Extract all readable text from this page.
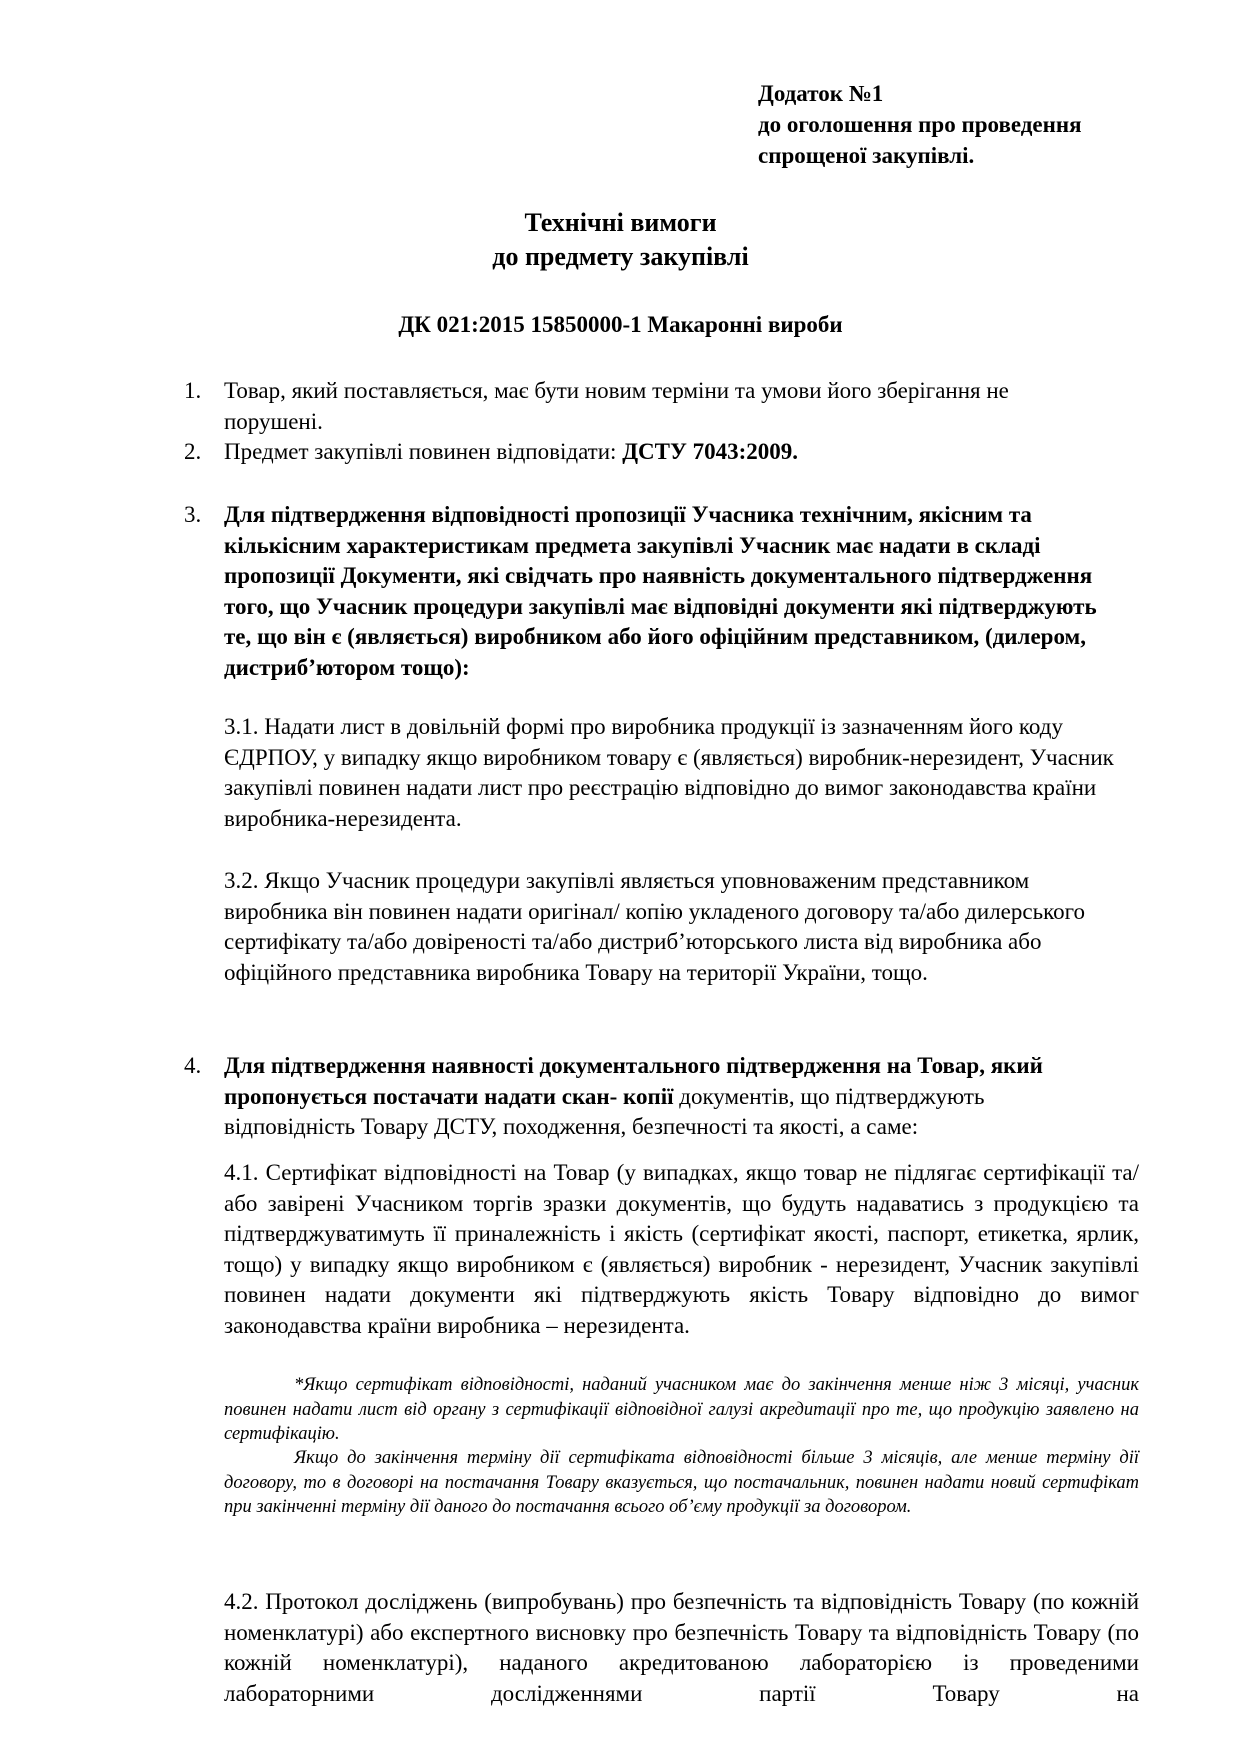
Додаток №1
до оголошення про проведення
спрощеної закупівлі.
Технічні вимоги
до предмету закупівлі
ДК 021:2015 15850000-1 Макаронні вироби
1. Товар, який поставляється, має бути новим терміни та умови його зберігання не порушені.
2. Предмет закупівлі повинен відповідати: ДСТУ 7043:2009.
3. Для підтвердження відповідності пропозиції Учасника технічним, якісним та кількісним характеристикам предмета закупівлі Учасник має надати в складі пропозиції Документи, які свідчать про наявність документального підтвердження того, що Учасник процедури закупівлі має відповідні документи які підтверджують те, що він є (являється) виробником або його офіційним представником, (дилером, дистриб’ютором тощо):
3.1. Надати лист в довільній формі про виробника продукції із зазначенням його коду ЄДРПОУ, у випадку якщо виробником товару є (являється) виробник-нерезидент, Учасник закупівлі повинен надати лист про реєстрацію відповідно до вимог законодавства країни виробника-нерезидента.
3.2. Якщо Учасник процедури закупівлі являється уповноваженим представником виробника він повинен надати оригінал/ копію укладеного договору та/або дилерського сертифікату та/або довіреності та/або дистриб’юторського листа від виробника або офіційного представника виробника Товару на території України, тощо.
4. Для підтвердження наявності документального підтвердження на Товар, який пропонується постачати надати скан- копії документів, що підтверджують відповідність Товару ДСТУ, походження, безпечності та якості, а саме:
4.1. Сертифікат відповідності на Товар (у випадках, якщо товар не підлягає сертифікації та/або завірені Учасником торгів зразки документів, що будуть надаватись з продукцією та підтверджуватимуть її приналежність і якість (сертифікат якості, паспорт, етикетка, ярлик, тощо) у випадку якщо виробником є (являється) виробник - нерезидент, Учасник закупівлі повинен надати документи які підтверджують якість Товару відповідно до вимог законодавства країни виробника – нерезидента.
*Якщо сертифікат відповідності, наданий учасником має до закінчення менше ніж 3 місяці, учасник повинен надати лист від органу з сертифікації відповідної галузі акредитації про те, що продукцію заявлено на сертифікацію.
Якщо до закінчення терміну дії сертифіката відповідності більше 3 місяців, але менше терміну дії договору, то в договорі на постачання Товару вказується, що постачальник, повинен надати новий сертифікат при закінченні терміну дії даного до постачання всього об’єму продукції за договором.
4.2. Протокол досліджень (випробувань) про безпечність та відповідність Товару (по кожній номенклатурі) або експертного висновку про безпечність Товару та відповідність Товару (по кожній номенклатурі), наданого акредитованою лабораторією із проведеними лабораторними дослідженнями партії Товару на
